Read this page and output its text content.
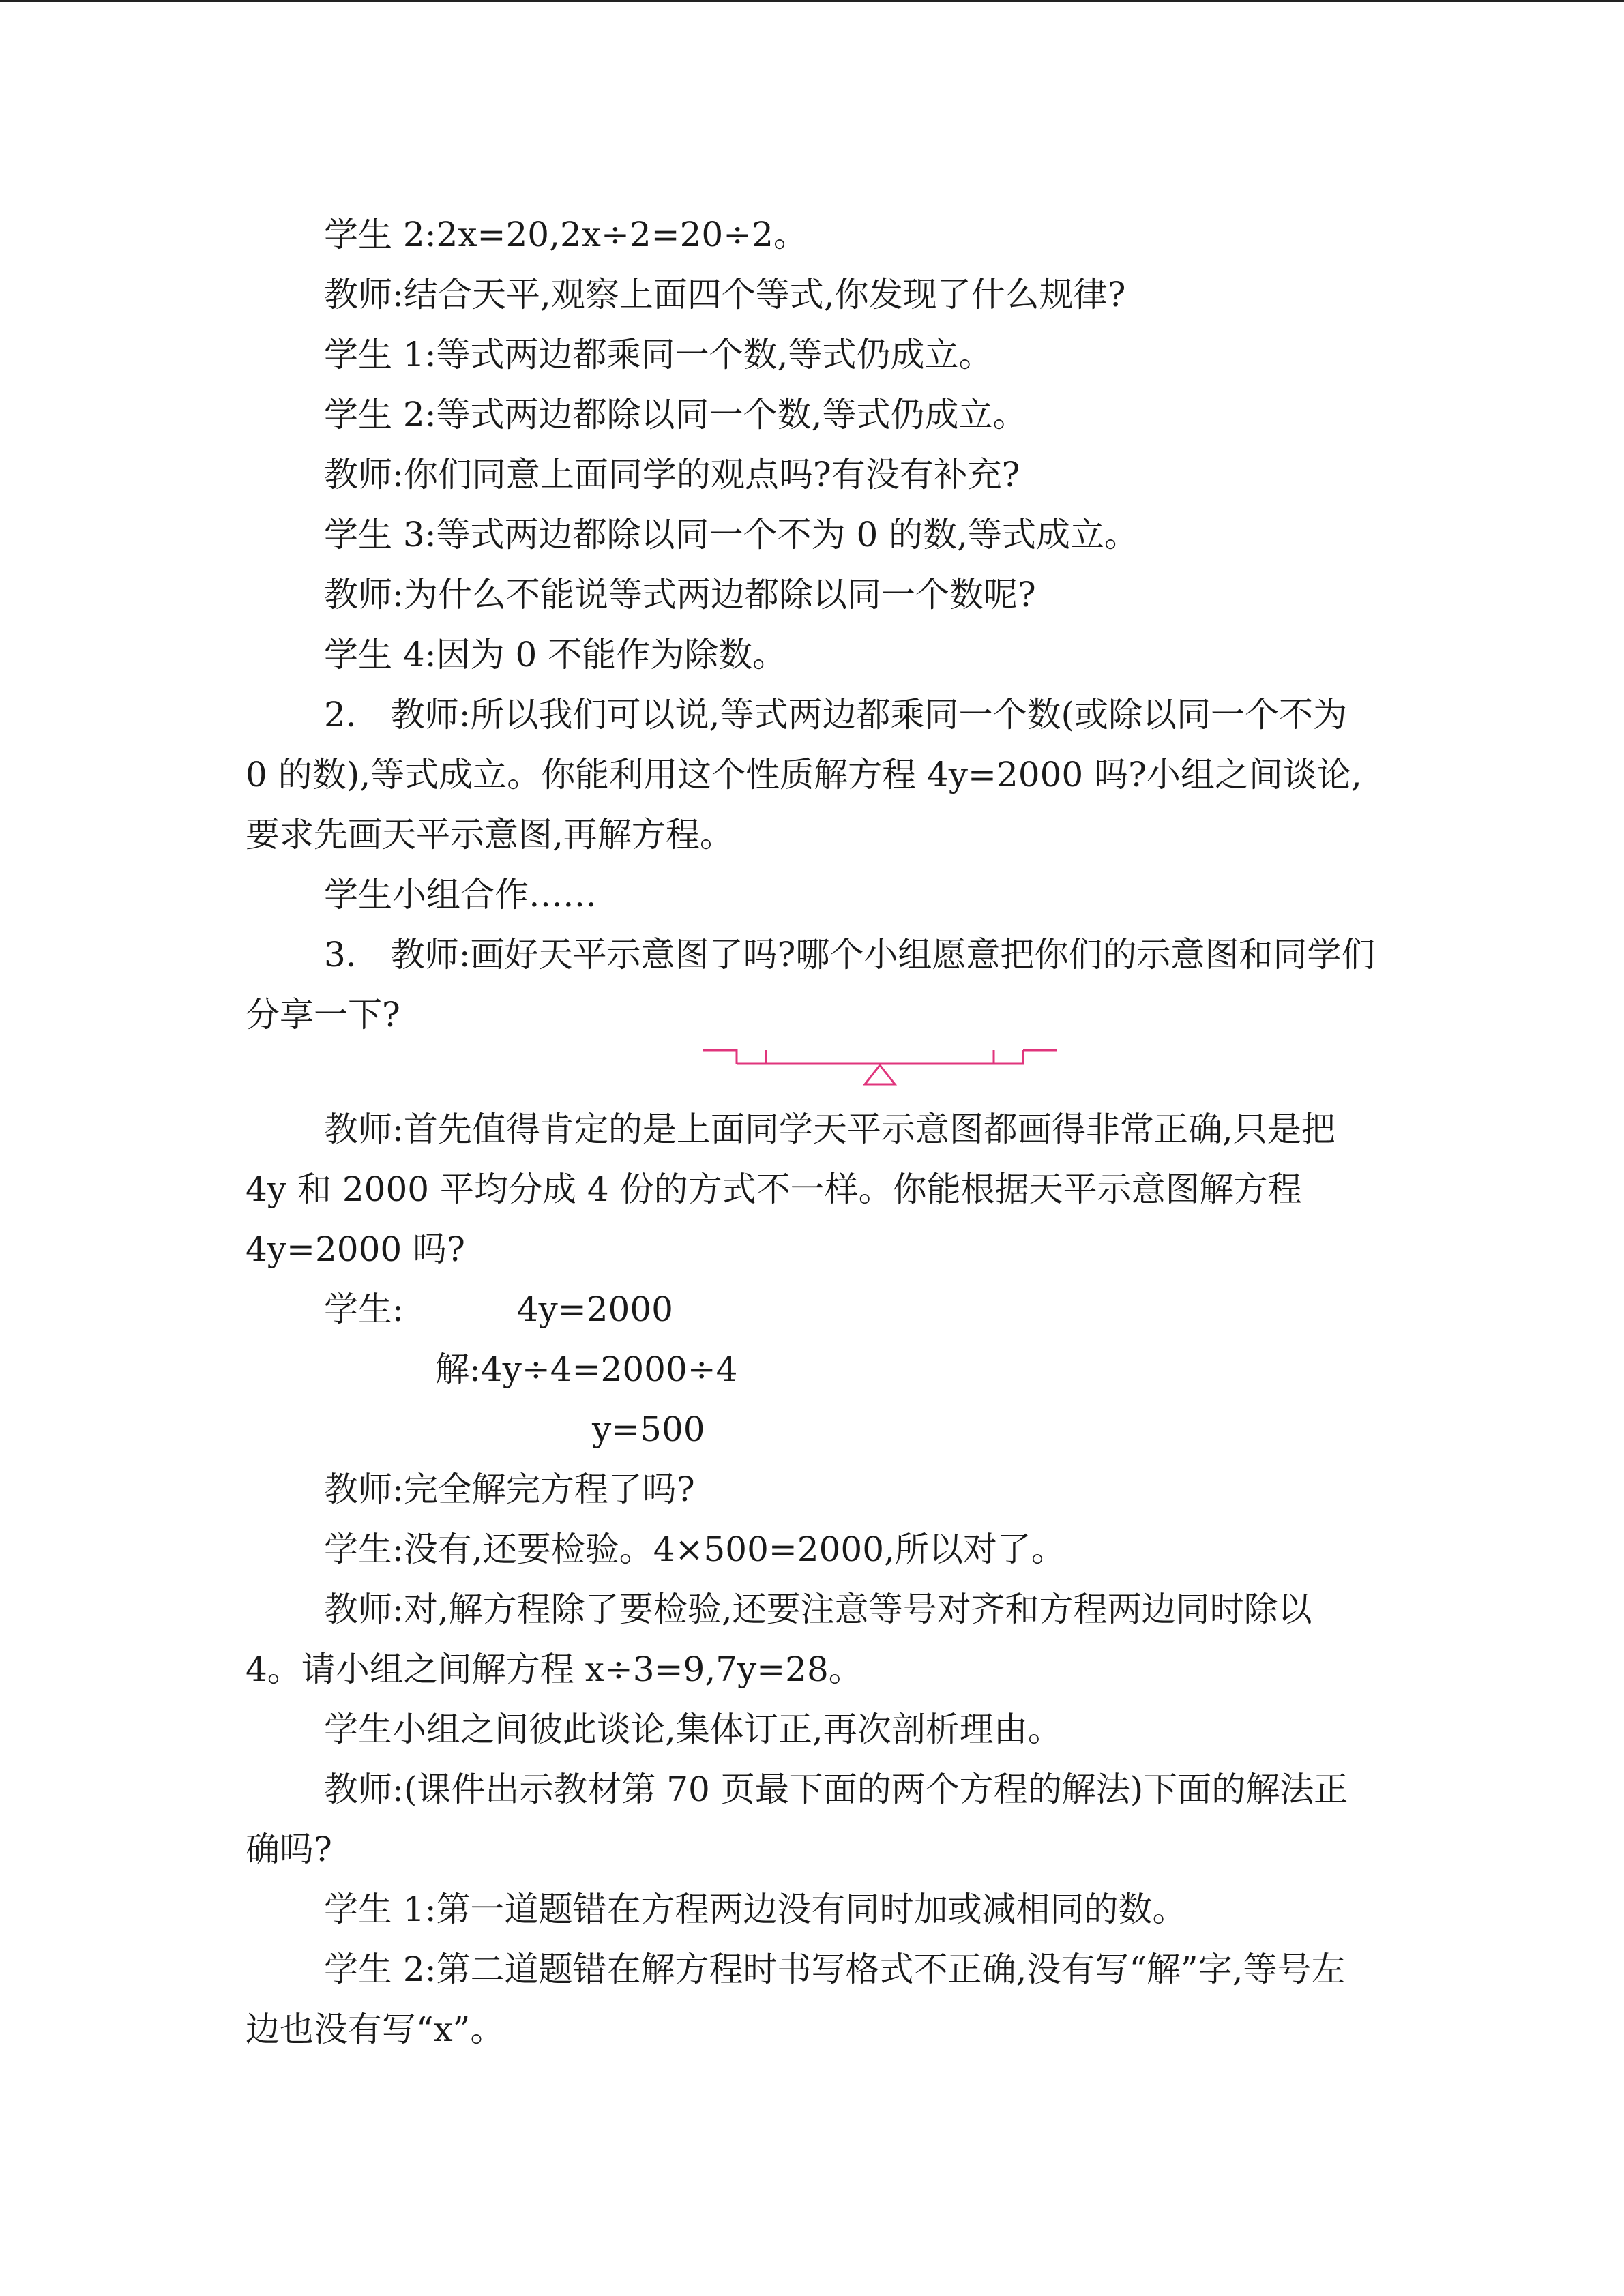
学生 2:2x=20,2x÷2=20÷2。

教师:结合天平,观察上面四个等式,你发现了什么规律?

学生 1:等式两边都乘同一个数,等式仍成立。

学生 2:等式两边都除以同一个数,等式仍成立。

教师:你们同意上面同学的观点吗?有没有补充?

学生 3:等式两边都除以同一个不为 0 的数,等式成立。

教师:为什么不能说等式两边都除以同一个数呢?

学生 4:因为 0 不能作为除数。

2.　教师:所以我们可以说,等式两边都乘同一个数(或除以同一个不为 0 的数),等式成立。你能利用这个性质解方程 4y=2000 吗?小组之间谈论,要求先画天平示意图,再解方程。

学生小组合作……

3.　教师:画好天平示意图了吗?哪个小组愿意把你们的示意图和同学们分享一下?

教师:首先值得肯定的是上面同学天平示意图都画得非常正确,只是把 4y 和 2000 平均分成 4 份的方式不一样。你能根据天平示意图解方程 4y=2000 吗?

学生:　　　 4y=2000

解:4y÷4=2000÷4

y=500

教师:完全解完方程了吗?

学生:没有,还要检验。4×500=2000,所以对了。

教师:对,解方程除了要检验,还要注意等号对齐和方程两边同时除以 4。请小组之间解方程 x÷3=9,7y=28。

学生小组之间彼此谈论,集体订正,再次剖析理由。

教师:(课件出示教材第 70 页最下面的两个方程的解法)下面的解法正确吗?

学生 1:第一道题错在方程两边没有同时加或减相同的数。

学生 2:第二道题错在解方程时书写格式不正确,没有写“解”字,等号左边也没有写“x”。
